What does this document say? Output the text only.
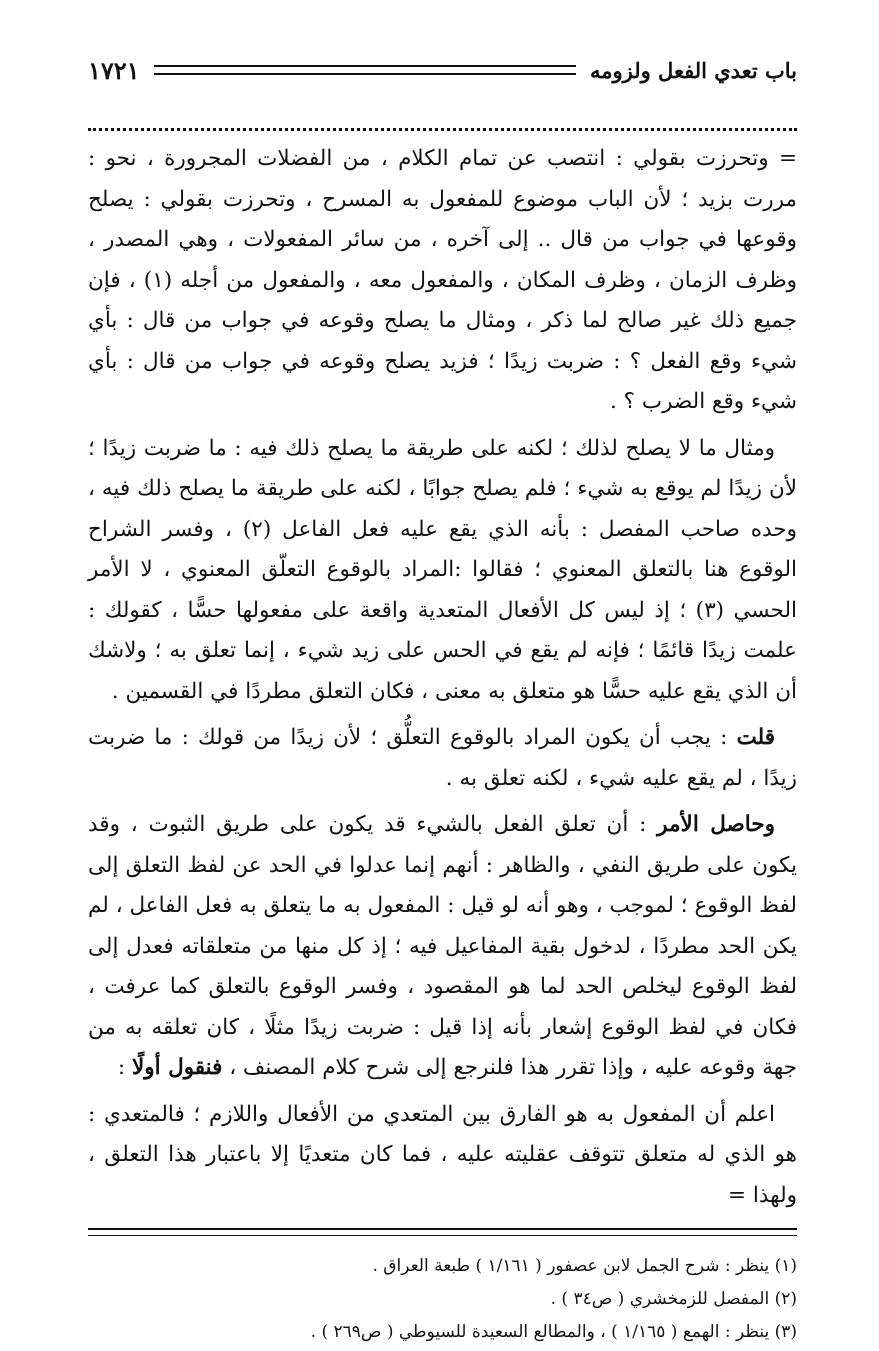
باب تعدي الفعل ولزومه
١٧٢١

= وتحرزت بقولي : انتصب عن تمام الكلام ، من الفضلات المجرورة ، نحو : مررت بزيد ؛ لأن الباب موضوع للمفعول به المسرح ، وتحرزت بقولي : يصلح وقوعها في جواب من قال .. إلى آخره ، من سائر المفعولات ، وهي المصدر ، وظرف الزمان ، وظرف المكان ، والمفعول معه ، والمفعول من أجله (١) ، فإن جميع ذلك غير صالح لما ذكر ، ومثال ما يصلح وقوعه في جواب من قال : بأي شيء وقع الفعل ؟ : ضربت زيدًا ؛ فزيد يصلح وقوعه في جواب من قال : بأي شيء وقع الضرب ؟ .

ومثال ما لا يصلح لذلك ؛ لكنه على طريقة ما يصلح ذلك فيه : ما ضربت زيدًا ؛ لأن زيدًا لم يوقع به شيء ؛ فلم يصلح جوابًا ، لكنه على طريقة ما يصلح ذلك فيه ، وحده صاحب المفصل : بأنه الذي يقع عليه فعل الفاعل (٢) ، وفسر الشراح الوقوع هنا بالتعلق المعنوي ؛ فقالوا :المراد بالوقوع التعلّق المعنوي ، لا الأمر الحسي (٣) ؛ إذ ليس كل الأفعال المتعدية واقعة على مفعولها حسًّا ، كقولك : علمت زيدًا قائمًا ؛ فإنه لم يقع في الحس على زيد شيء ، إنما تعلق به ؛ ولاشك أن الذي يقع عليه حسًّا هو متعلق به معنى ، فكان التعلق مطردًا في القسمين .

قلت : يجب أن يكون المراد بالوقوع التعلُّق ؛ لأن زيدًا من قولك : ما ضربت زيدًا ، لم يقع عليه شيء ، لكنه تعلق به .

وحاصل الأمر : أن تعلق الفعل بالشيء قد يكون على طريق الثبوت ، وقد يكون على طريق النفي ، والظاهر : أنهم إنما عدلوا في الحد عن لفظ التعلق إلى لفظ الوقوع ؛ لموجب ، وهو أنه لو قيل : المفعول به ما يتعلق به فعل الفاعل ، لم يكن الحد مطردًا ، لدخول بقية المفاعيل فيه ؛ إذ كل منها من متعلقاته فعدل إلى لفظ الوقوع ليخلص الحد لما هو المقصود ، وفسر الوقوع بالتعلق كما عرفت ، فكان في لفظ الوقوع إشعار بأنه إذا قيل : ضربت زيدًا مثلًا ، كان تعلقه به من جهة وقوعه عليه ، وإذا تقرر هذا فلنرجع إلى شرح كلام المصنف ، فنقول أولًا :

اعلم أن المفعول به هو الفارق بين المتعدي من الأفعال واللازم ؛ فالمتعدي : هو الذي له متعلق تتوقف عقليته عليه ، فما كان متعديًا إلا باعتبار هذا التعلق ، ولهذا =

(١) ينظر : شرح الجمل لابن عصفور ( ١/١٦١ ) طبعة العراق .
(٢) المفصل للزمخشري ( ص٣٤ ) .
(٣) ينظر : الهمع ( ١/١٦٥ ) ، والمطالع السعيدة للسيوطي ( ص٢٦٩ ) .
